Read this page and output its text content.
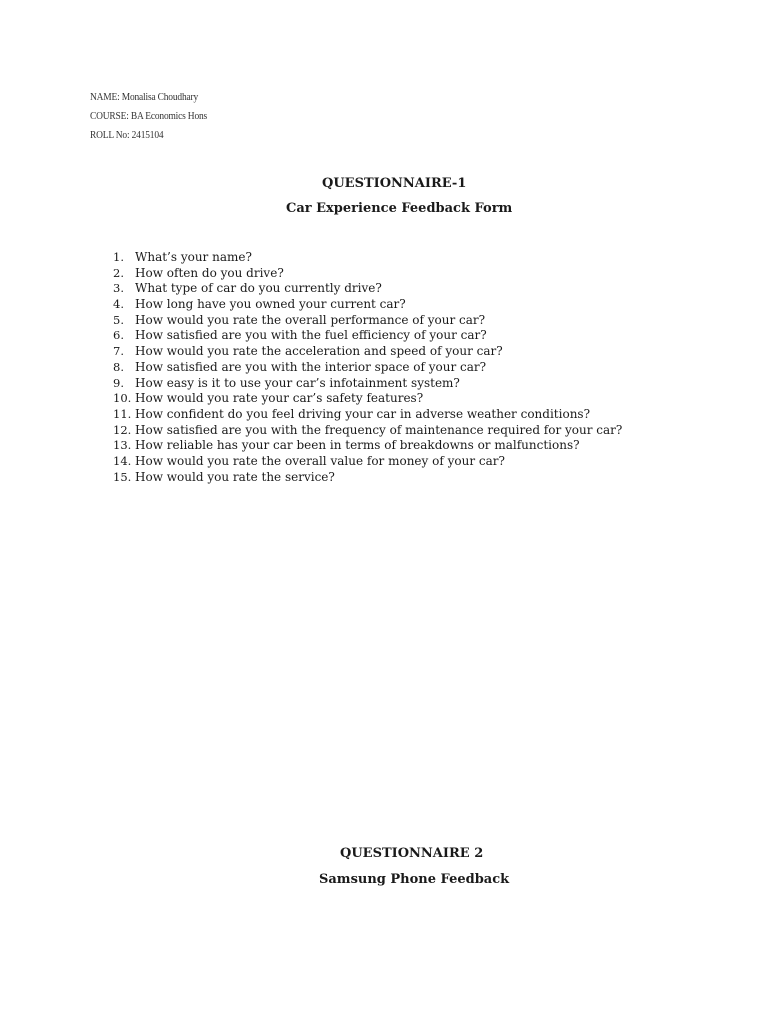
NAME: Monalisa Choudhary
COURSE: BA Economics Hons
ROLL No: 2415104
QUESTIONNAIRE-1
Car Experience Feedback Form
1. What’s your name?
2. How often do you drive?
3. What type of car do you currently drive?
4. How long have you owned your current car?
5. How would you rate the overall performance of your car?
6. How satisfied are you with the fuel efficiency of your car?
7. How would you rate the acceleration and speed of your car?
8. How satisfied are you with the interior space of your car?
9. How easy is it to use your car’s infotainment system?
10. How would you rate your car’s safety features?
11. How confident do you feel driving your car in adverse weather conditions?
12. How satisfied are you with the frequency of maintenance required for your car?
13. How reliable has your car been in terms of breakdowns or malfunctions?
14. How would you rate the overall value for money of your car?
15. How would you rate the service?
QUESTIONNAIRE 2
Samsung Phone Feedback
